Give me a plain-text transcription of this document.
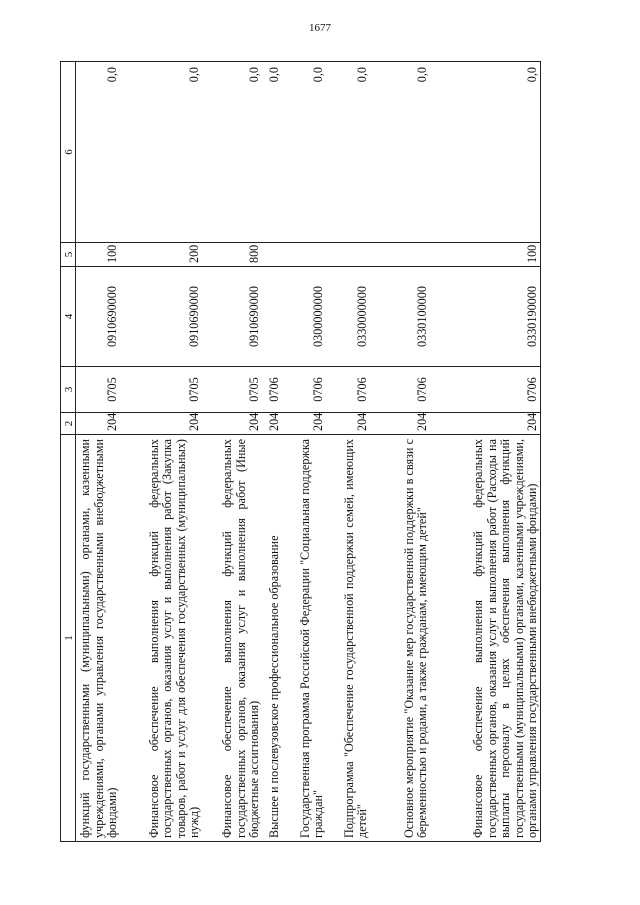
1677
1	2	3	4	5	6
функций государственными (муниципальными) органами, казенными учреждениями, органами управления государственными внебюджетными фондами)	204	0705	0910690000	100	0,0
Финансовое обеспечение выполнения функций федеральных государственных органов, оказания услуг и выполнения работ (Закупка товаров, работ и услуг для обеспечения государственных (муниципальных) нужд)	204	0705	0910690000	200	0,0
Финансовое обеспечение выполнения функций федеральных государственных органов, оказания услуг и выполнения работ (Иные бюджетные ассигнования)	204	0705	0910690000	800	0,0
Высшее и послевузовское профессиональное образование	204	0706			0,0
Государственная программа Российской Федерации "Социальная поддержка граждан"	204	0706	0300000000		0,0
Подпрограмма "Обеспечение государственной поддержки семей, имеющих детей"	204	0706	0330000000		0,0
Основное мероприятие "Оказание мер государственной поддержки в связи с беременностью и родами, а также гражданам, имеющим детей"	204	0706	0330100000		0,0
Финансовое обеспечение выполнения функций федеральных государственных органов, оказания услуг и выполнения работ (Расходы на выплаты персоналу в целях обеспечения выполнения функций государственными (муниципальными) органами, казенными учреждениями, органами управления государственными внебюджетными фондами)	204	0706	0330190000	100	0,0
